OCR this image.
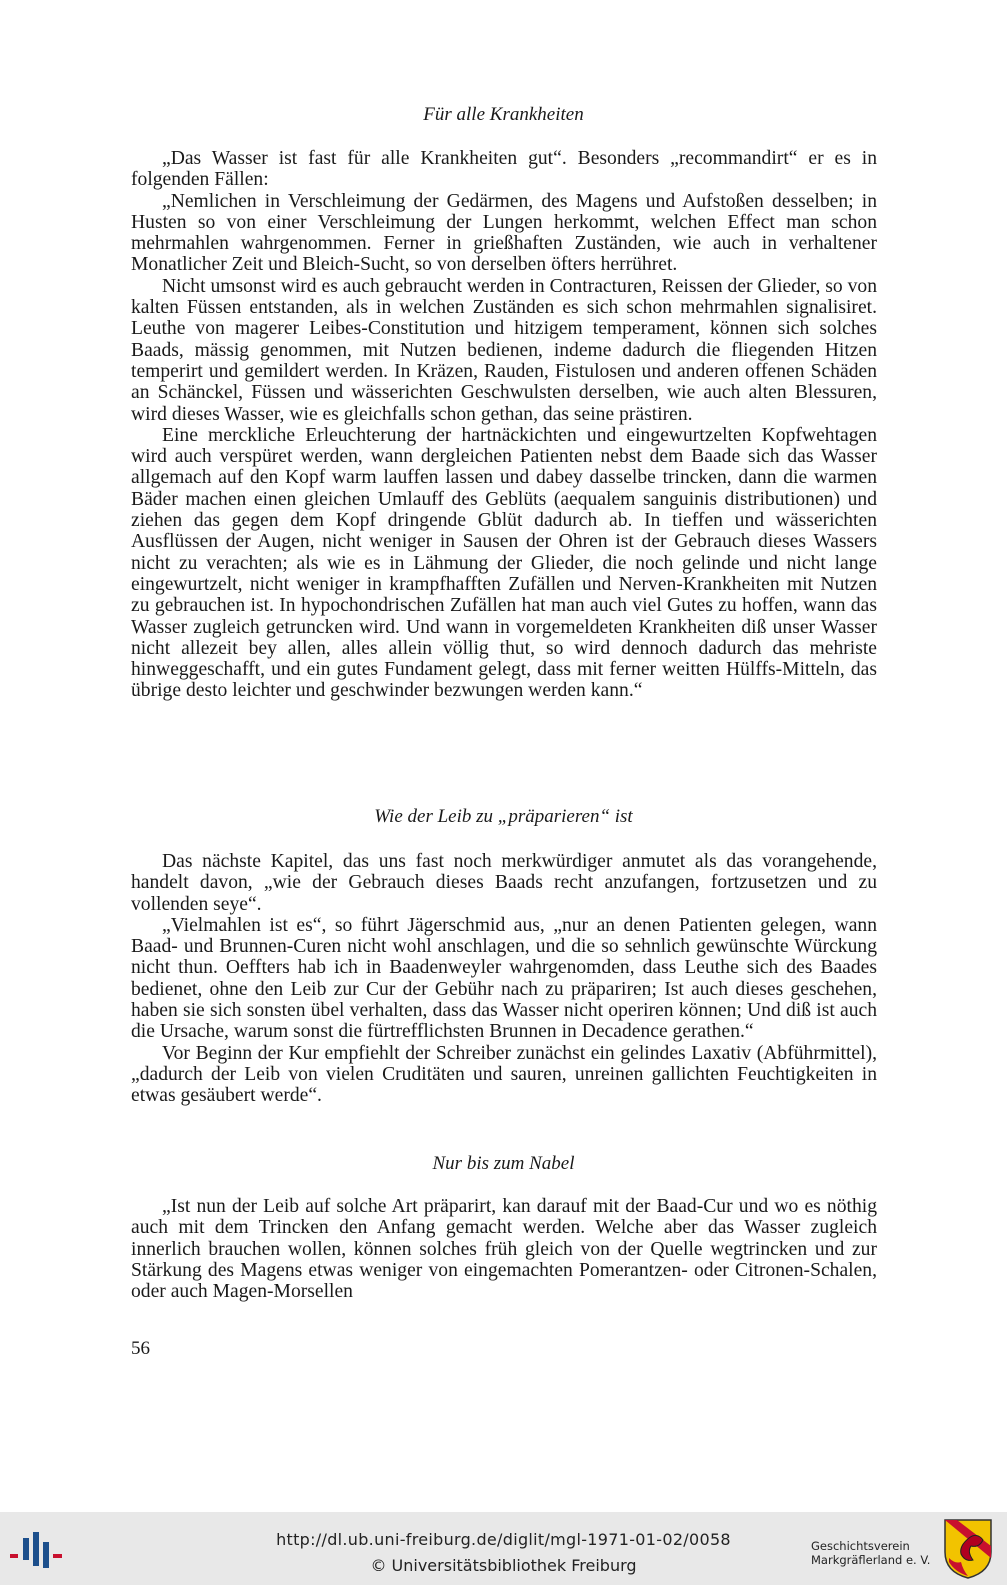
Für alle Krankheiten

„Das Wasser ist fast für alle Krankheiten gut“. Besonders „recommandirt“ er es in folgenden Fällen:

„Nemlichen in Verschleimung der Gedärmen, des Magens und Aufstoßen desselben; in Husten so von einer Verschleimung der Lungen herkommt, welchen Effect man schon mehrmahlen wahrgenommen. Ferner in grießhaften Zuständen, wie auch in verhaltener Monatlicher Zeit und Bleich-Sucht, so von derselben öfters herrühret.

Nicht umsonst wird es auch gebraucht werden in Contracturen, Reissen der Glieder, so von kalten Füssen entstanden, als in welchen Zuständen es sich schon mehrmahlen signalisiret. Leuthe von magerer Leibes-Constitution und hitzigem temperament, können sich solches Baads, mässig genommen, mit Nutzen bedienen, indeme dadurch die fliegenden Hitzen temperirt und gemildert werden. In Kräzen, Rauden, Fistulosen und anderen offenen Schäden an Schänckel, Füssen und wässerichten Geschwulsten derselben, wie auch alten Blessuren, wird dieses Wasser, wie es gleichfalls schon gethan, das seine prästiren.

Eine merckliche Erleuchterung der hartnäckichten und eingewurtzelten Kopfwehtagen wird auch verspüret werden, wann dergleichen Patienten nebst dem Baade sich das Wasser allgemach auf den Kopf warm lauffen lassen und dabey dasselbe trincken, dann die warmen Bäder machen einen gleichen Umlauff des Geblüts (aequalem sanguinis distributionen) und ziehen das gegen dem Kopf dringende Gblüt dadurch ab. In tieffen und wässerichten Ausflüssen der Augen, nicht weniger in Sausen der Ohren ist der Gebrauch dieses Wassers nicht zu verachten; als wie es in Lähmung der Glieder, die noch gelinde und nicht lange eingewurtzelt, nicht weniger in krampfhafften Zufällen und Nerven-Krankheiten mit Nutzen zu gebrauchen ist. In hypochondrischen Zufällen hat man auch viel Gutes zu hoffen, wann das Wasser zugleich getruncken wird. Und wann in vorgemeldeten Krankheiten diß unser Wasser nicht allezeit bey allen, alles allein völlig thut, so wird dennoch dadurch das mehriste hinweggeschafft, und ein gutes Fundament gelegt, dass mit ferner weitten Hülffs-Mitteln, das übrige desto leichter und geschwinder bezwungen werden kann.“

Wie der Leib zu „präparieren“ ist

Das nächste Kapitel, das uns fast noch merkwürdiger anmutet als das vorangehende, handelt davon, „wie der Gebrauch dieses Baads recht anzufangen, fortzusetzen und zu vollenden seye“.

„Vielmahlen ist es“, so führt Jägerschmid aus, „nur an denen Patienten gelegen, wann Baad- und Brunnen-Curen nicht wohl anschlagen, und die so sehnlich gewünschte Würckung nicht thun. Oeffters hab ich in Baadenweyler wahrgenomden, dass Leuthe sich des Baades bedienet, ohne den Leib zur Cur der Gebühr nach zu präpariren; Ist auch dieses geschehen, haben sie sich sonsten übel verhalten, dass das Wasser nicht operiren können; Und diß ist auch die Ursache, warum sonst die fürtrefflichsten Brunnen in Decadence gerathen.“

Vor Beginn der Kur empfiehlt der Schreiber zunächst ein gelindes Laxativ (Abführmittel), „dadurch der Leib von vielen Cruditäten und sauren, unreinen gallichten Feuchtigkeiten in etwas gesäubert werde“.

Nur bis zum Nabel

„Ist nun der Leib auf solche Art präparirt, kan darauf mit der Baad-Cur und wo es nöthig auch mit dem Trincken den Anfang gemacht werden. Welche aber das Wasser zugleich innerlich brauchen wollen, können solches früh gleich von der Quelle wegtrincken und zur Stärkung des Magens etwas weniger von eingemachten Pomerantzen- oder Citronen-Schalen, oder auch Magen-Morsellen

56

http://dl.ub.uni-freiburg.de/diglit/mgl-1971-01-02/0058
© Universitätsbibliothek Freiburg
Geschichtsverein
Markgräflerland e. V.
